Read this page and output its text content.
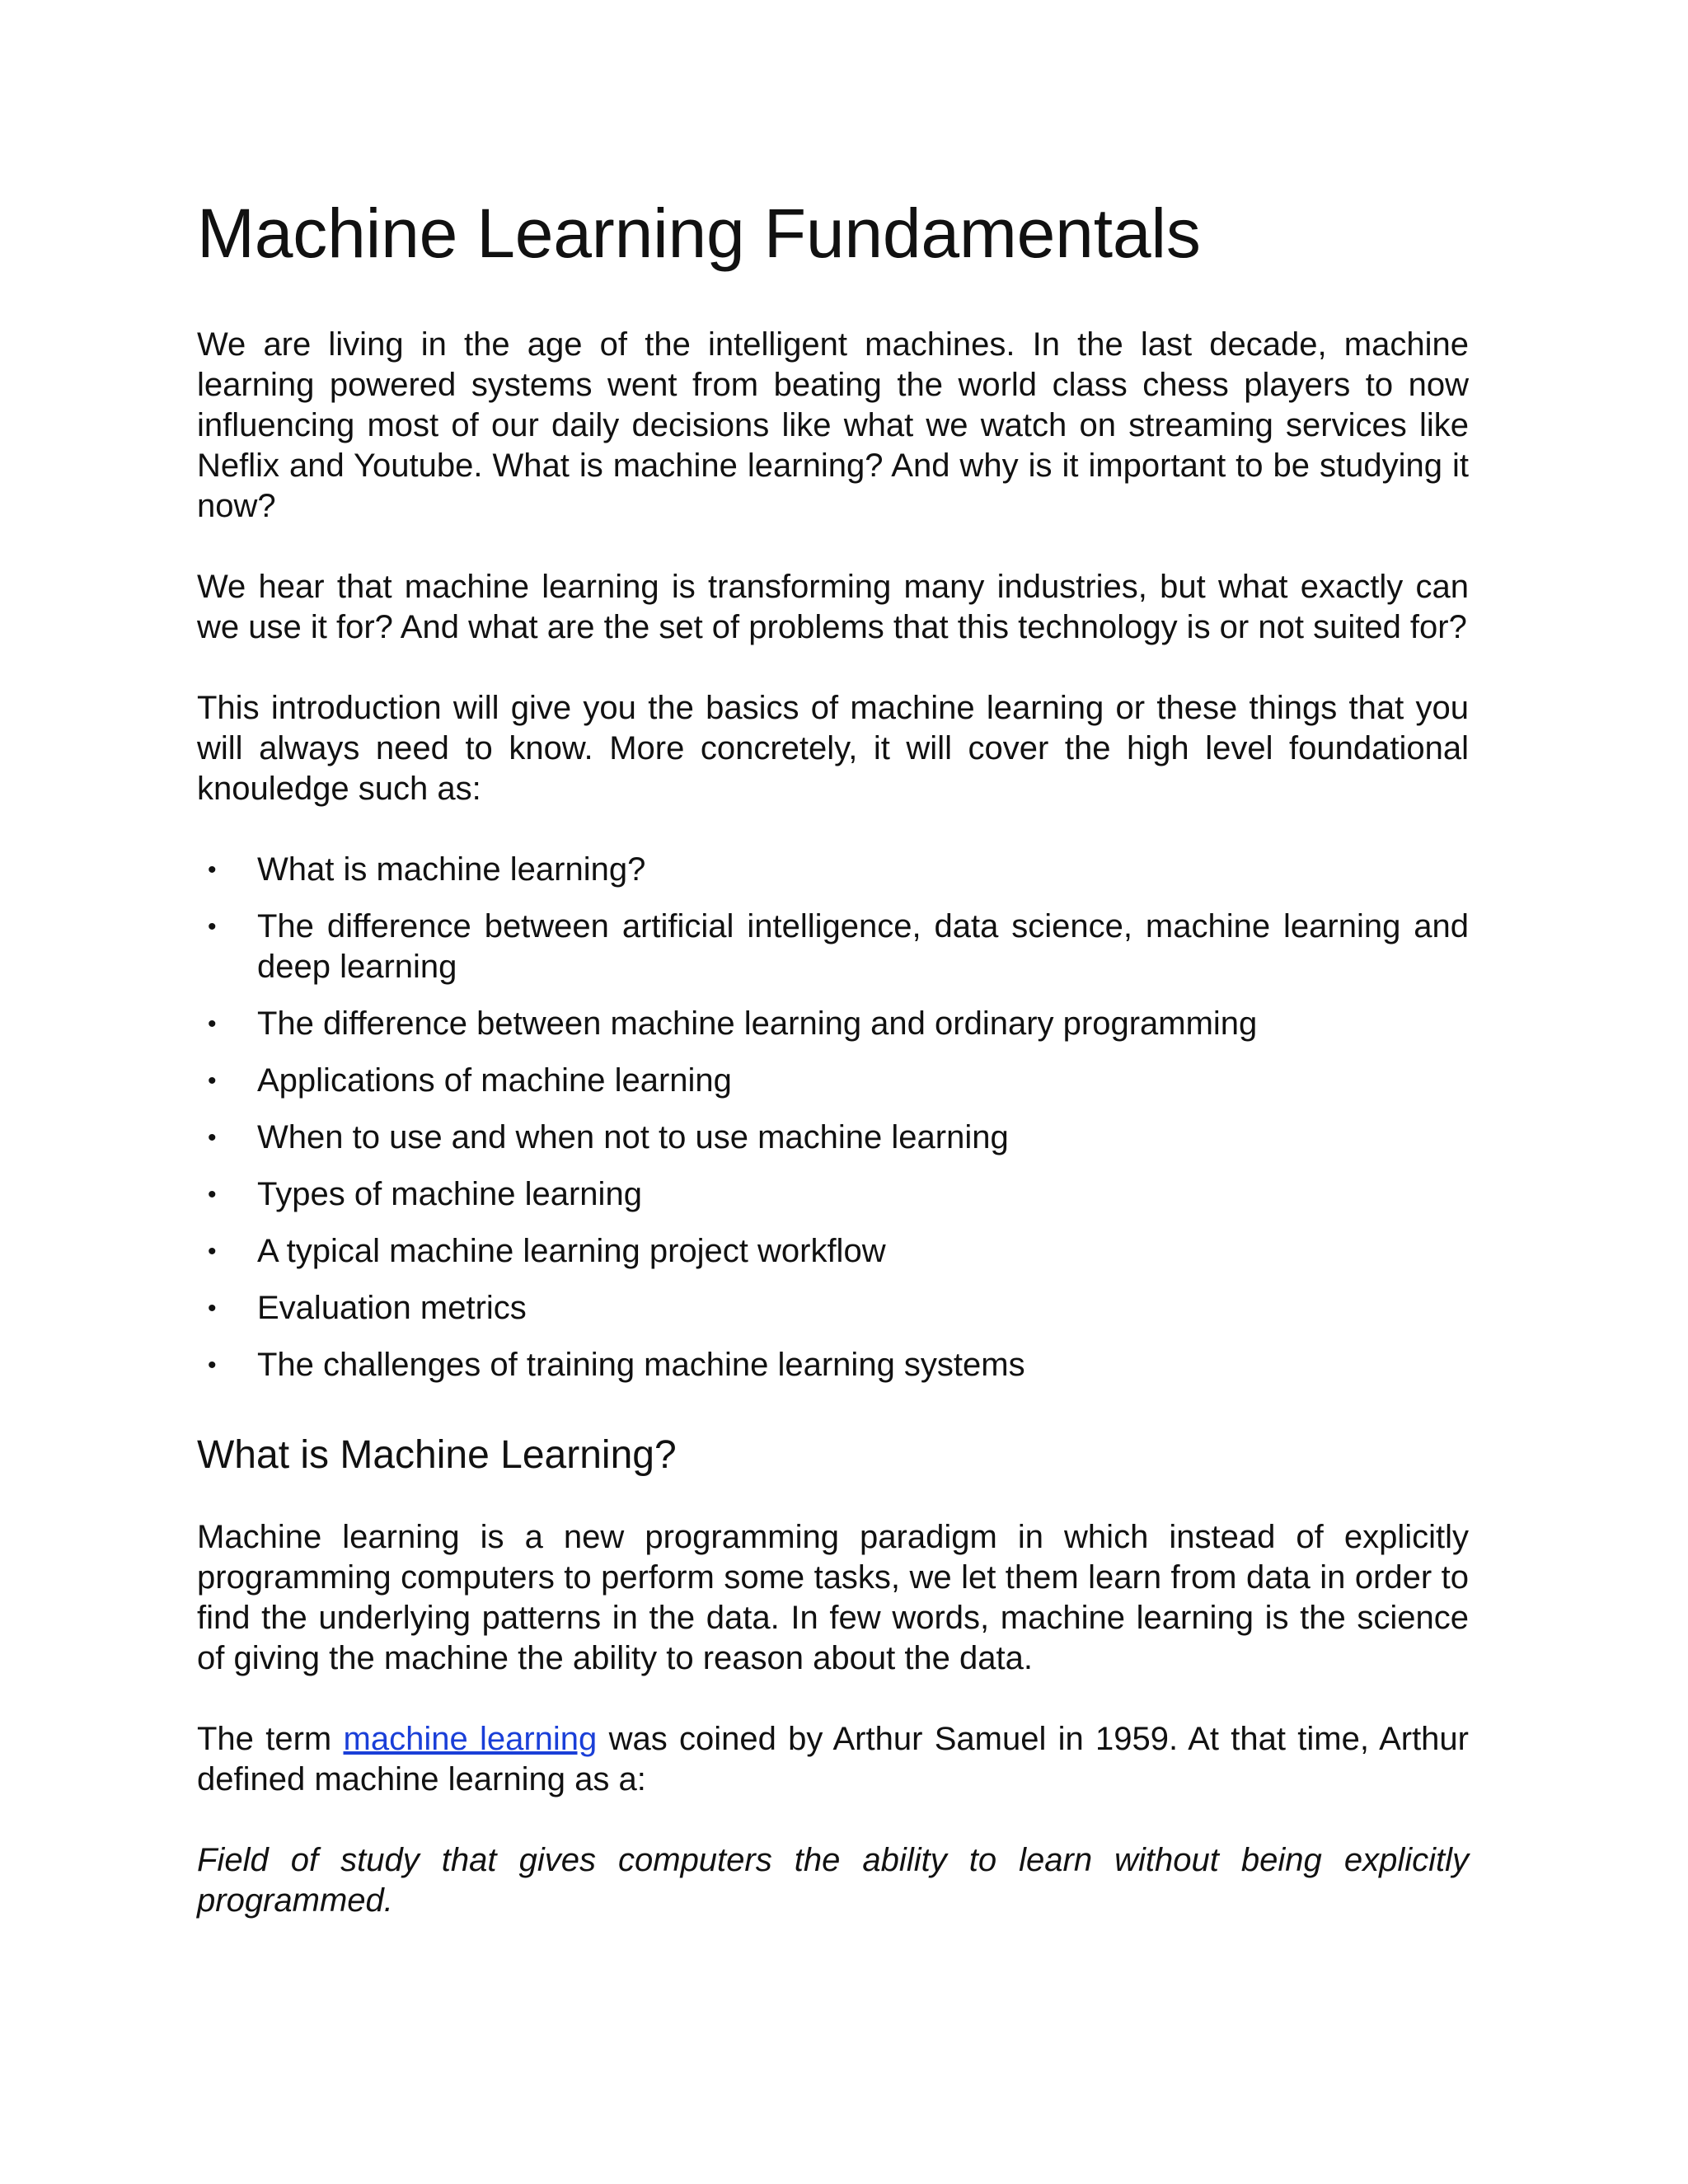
Machine Learning Fundamentals

We are living in the age of the intelligent machines. In the last decade, machine learning powered systems went from beating the world class chess players to now influencing most of our daily decisions like what we watch on streaming services like Neflix and Youtube. What is machine learning? And why is it important to be studying it now?

We hear that machine learning is transforming many industries, but what exactly can we use it for? And what are the set of problems that this technology is or not suited for?

This introduction will give you the basics of machine learning or these things that you will always need to know. More concretely, it will cover the high level foundational knouledge such as:

• What is machine learning?
• The difference between artificial intelligence, data science, machine learning and deep learning
• The difference between machine learning and ordinary programming
• Applications of machine learning
• When to use and when not to use machine learning
• Types of machine learning
• A typical machine learning project workflow
• Evaluation metrics
• The challenges of training machine learning systems
What is Machine Learning?

Machine learning is a new programming paradigm in which instead of explicitly programming computers to perform some tasks, we let them learn from data in order to find the underlying patterns in the data. In few words, machine learning is the science of giving the machine the ability to reason about the data.

The term machine learning was coined by Arthur Samuel in 1959. At that time, Arthur defined machine learning as a:

Field of study that gives computers the ability to learn without being explicitly programmed.
